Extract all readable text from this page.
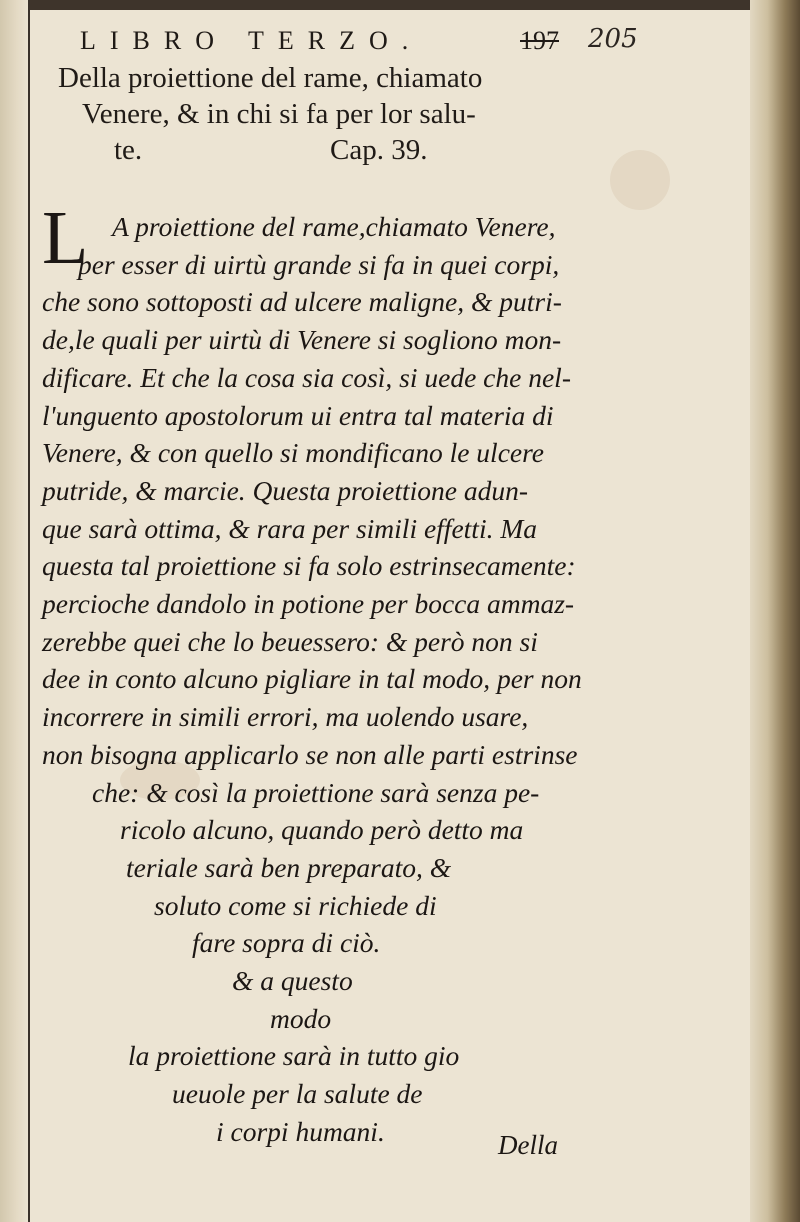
LIBRO TERZO.	197 205
Della proiettione del rame, chiamato
Venere, & in chi si fa per lor salu-
te.	Cap. 39.
L A proiettione del rame,chiamato Venere,
per esser di uirtù grande si fa in quei corpi,
che sono sottoposti ad ulcere maligne, & putri-
de,le quali per uirtù di Venere si sogliono mon-
dificare. Et che la cosa sia così, si uede che nel-
l'unguento apostolorum ui entra tal materia di
Venere, & con quello si mondificano le ulcere
putride, & marcie. Questa proiettione adun-
que sarà ottima, & rara per simili effetti. Ma
questa tal proiettione si fa solo estrinsecamente:
percioche dandolo in potione per bocca ammaz-
zerebbe quei che lo beuessero: & però non si
dee in conto alcuno pigliare in tal modo, per non
incorrere in simili errori, ma uolendo usare,
non bisogna applicarlo se non alle parti estrinse
che: & così la proiettione sarà senza pe-
ricolo alcuno, quando però detto ma
teriale sarà ben preparato, &
soluto come si richiede di
fare sopra di ciò.
& a questo
modo
la proiettione sarà in tutto gio
ueuole per la salute de
i corpi humani.	Della
